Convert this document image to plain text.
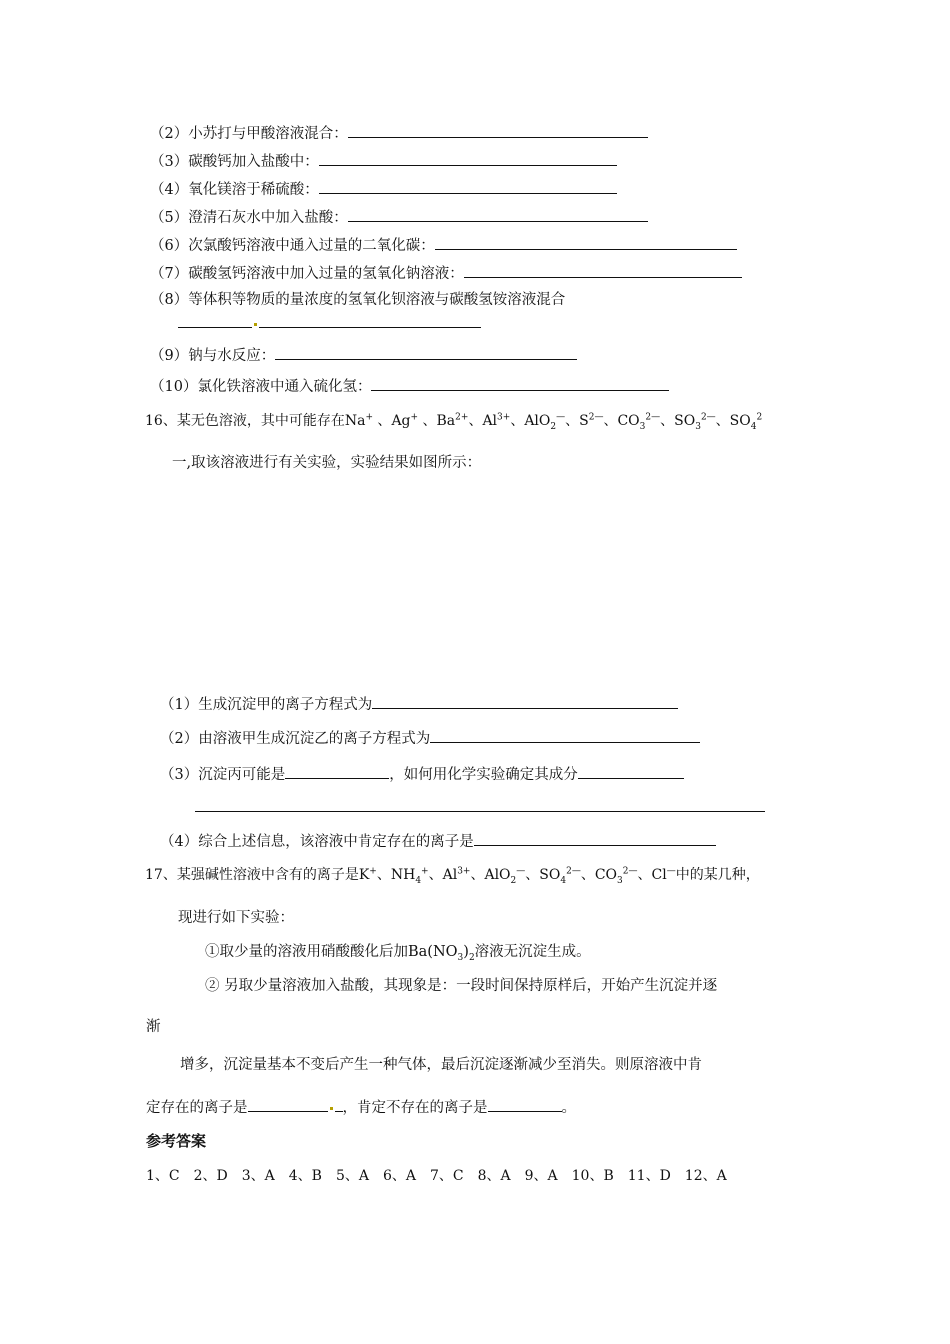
（2）小苏打与甲酸溶液混合：
（3）碳酸钙加入盐酸中：
（4）氧化镁溶于稀硫酸：
（5）澄清石灰水中加入盐酸：
（6）次氯酸钙溶液中通入过量的二氧化碳：
（7）碳酸氢钙溶液中加入过量的氢氧化钠溶液：
（8）等体积等物质的量浓度的氢氧化钡溶液与碳酸氢铵溶液混合
（9）钠与水反应：
（10）氯化铁溶液中通入硫化氢：
16、某无色溶液，其中可能存在Na+ 、Ag+ 、$Ba^{2+}$、$Al^{3+}$、AlO$_2$—、$S^{2—}$、$CO_3^{2—}$、$SO_3^{2—}$、$SO_4^2$
一,取该溶液进行有关实验，实验结果如图所示：
（1）生成沉淀甲的离子方程式为
（2）由溶液甲生成沉淀乙的离子方程式为
（3）沉淀丙可能是	，如何用化学实验确定其成分
（4）综合上述信息，该溶液中肯定存在的离子是
17、某强碱性溶液中含有的离子是K+、$NH_4^+$、$Al^{3+}$、AlO$_2$—、$SO_4^{2—}$、$CO_3^{2—}$、Cl—中的某几种，
现进行如下实验：
①取少量的溶液用硝酸酸化后加$Ba(NO_3)_2$溶液无沉淀生成。
② 另取少量溶液加入盐酸，其现象是：一段时间保持原样后，开始产生沉淀并逐
渐
增多，沉淀量基本不变后产生一种气体，最后沉淀逐渐减少至消失。则原溶液中肯
定存在的离子是	，肯定不存在的离子是	。
参考答案
1、C　2、D　3、A　4、B　5、A　6、A　7、C　8、A　9、A　10、B　11、D　12、A
